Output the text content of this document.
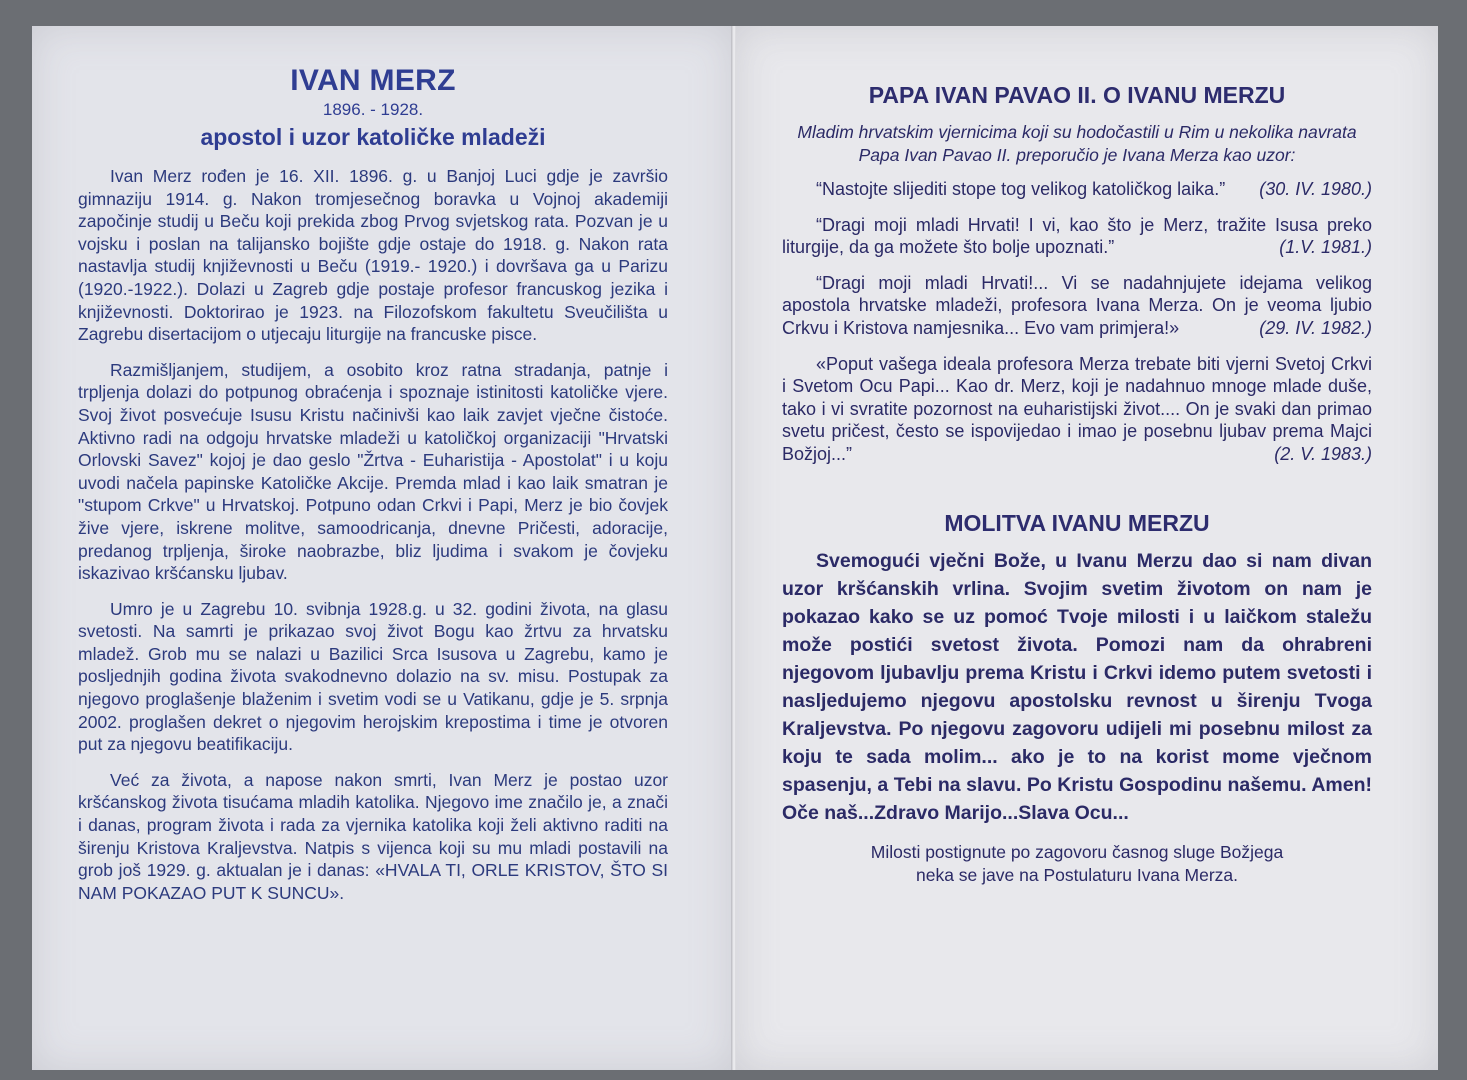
IVAN MERZ
1896. - 1928.
apostol i uzor katoličke mladeži

Ivan Merz rođen je 16. XII. 1896. g. u Banjoj Luci gdje je završio gimnaziju 1914. g. Nakon tromjesečnog boravka u Vojnoj akademiji započinje studij u Beču koji prekida zbog Prvog svjetskog rata. Pozvan je u vojsku i poslan na talijansko bojište gdje ostaje do 1918. g. Nakon rata nastavlja studij književnosti u Beču (1919.- 1920.) i dovršava ga u Parizu (1920.-1922.). Dolazi u Zagreb gdje postaje profesor francuskog jezika i književnosti. Doktorirao je 1923. na Filozofskom fakultetu Sveučilišta u Zagrebu disertacijom o utjecaju liturgije na francuske pisce.

Razmišljanjem, studijem, a osobito kroz ratna stradanja, patnje i trpljenja dolazi do potpunog obraćenja i spoznaje istinitosti katoličke vjere. Svoj život posvećuje Isusu Kristu načinivši kao laik zavjet vječne čistoće. Aktivno radi na odgoju hrvatske mladeži u katoličkoj organizaciji "Hrvatski Orlovski Savez" kojoj je dao geslo "Žrtva - Euharistija - Apostolat" i u koju uvodi načela papinske Katoličke Akcije. Premda mlad i kao laik smatran je "stupom Crkve" u Hrvatskoj. Potpuno odan Crkvi i Papi, Merz je bio čovjek žive vjere, iskrene molitve, samoodricanja, dnevne Pričesti, adoracije, predanog trpljenja, široke naobrazbe, bliz ljudima i svakom je čovjeku iskazivao kršćansku ljubav.

Umro je u Zagrebu 10. svibnja 1928.g. u 32. godini života, na glasu svetosti. Na samrti je prikazao svoj život Bogu kao žrtvu za hrvatsku mladež. Grob mu se nalazi u Bazilici Srca Isusova u Zagrebu, kamo je posljednjih godina života svakodnevno dolazio na sv. misu. Postupak za njegovo proglašenje blaženim i svetim vodi se u Vatikanu, gdje je 5. srpnja 2002. proglašen dekret o njegovim herojskim krepostima i time je otvoren put za njegovu beatifikaciju.

Već za života, a napose nakon smrti, Ivan Merz je postao uzor kršćanskog života tisućama mladih katolika. Njegovo ime značilo je, a znači i danas, program života i rada za vjernika katolika koji želi aktivno raditi na širenju Kristova Kraljevstva. Natpis s vijenca koji su mu mladi postavili na grob još 1929. g. aktualan je i danas: «HVALA TI, ORLE KRISTOV, ŠTO SI NAM POKAZAO PUT K SUNCU».

PAPA IVAN PAVAO II. O IVANU MERZU

Mladim hrvatskim vjernicima koji su hodočastili u Rim u nekolika navrata Papa Ivan Pavao II. preporučio je Ivana Merza kao uzor:

“Nastojte slijediti stope tog velikog katoličkog laika.” (30. IV. 1980.)

“Dragi moji mladi Hrvati! I vi, kao što je Merz, tražite Isusa preko liturgije, da ga možete što bolje upoznati.”	(1.V. 1981.)

“Dragi moji mladi Hrvati!... Vi se nadahnjujete idejama velikog apostola hrvatske mladeži, profesora Ivana Merza. On je veoma ljubio Crkvu i Kristova namjesnika... Evo vam primjera!»	(29. IV. 1982.)

«Poput vašega ideala profesora Merza trebate biti vjerni Svetoj Crkvi i Svetom Ocu Papi... Kao dr. Merz, koji je nadahnuo mnoge mlade duše, tako i vi svratite pozornost na euharistijski život.... On je svaki dan primao svetu pričest, često se ispovijedao i imao je posebnu ljubav prema Majci Božjoj...”	(2. V. 1983.)

MOLITVA IVANU MERZU

Svemogući vječni Bože, u Ivanu Merzu dao si nam divan uzor kršćanskih vrlina. Svojim svetim životom on nam je pokazao kako se uz pomoć Tvoje milosti i u laičkom staležu može postići svetost života. Pomozi nam da ohrabreni njegovom ljubavlju prema Kristu i Crkvi idemo putem svetosti i nasljedujemo njegovu apostolsku revnost u širenju Tvoga Kraljevstva. Po njegovu zagovoru udijeli mi posebnu milost za koju te sada molim... ako je to na korist mome vječnom spasenju, a Tebi na slavu. Po Kristu Gospodinu našemu. Amen! Oče naš...Zdravo Marijo...Slava Ocu...

Milosti postignute po zagovoru časnog sluge Božjega
neka se jave na Postulaturu Ivana Merza.
